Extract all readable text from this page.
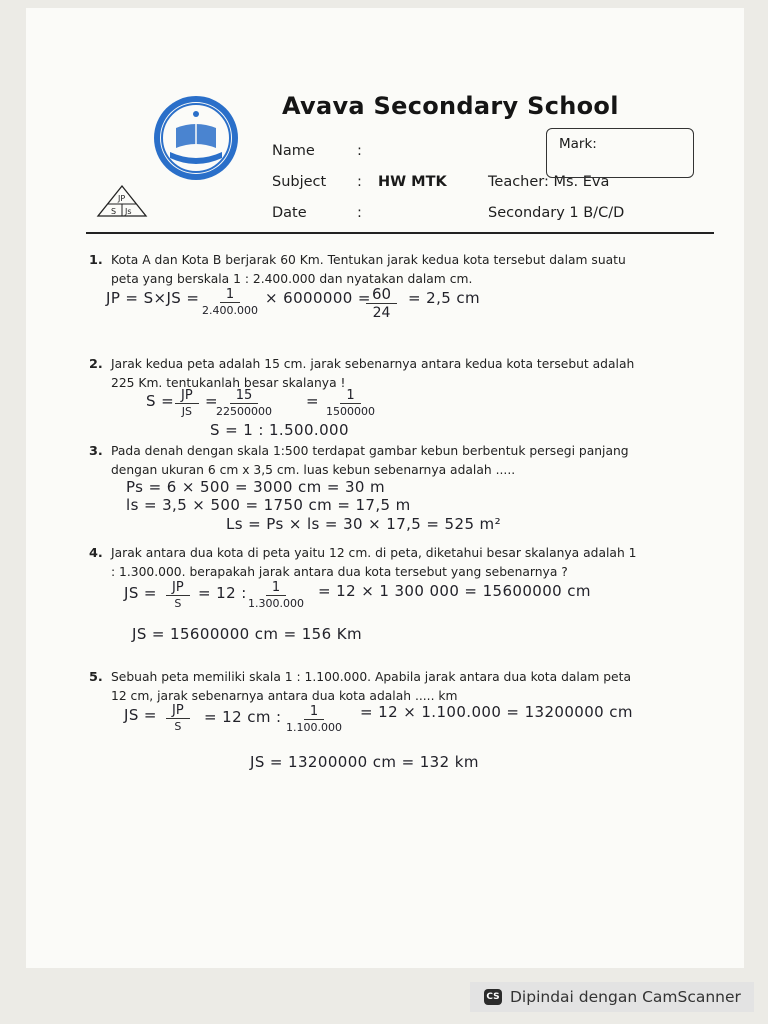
JP
S Js
Avava Secondary School
Name	:
Subject : HW MTK	Teacher: Ms. Eva
Date	:	Secondary 1 B/C/D
Mark:
1. Kota A dan Kota B berjarak 60 Km. Tentukan jarak kedua kota tersebut dalam suatu peta yang berskala 1 : 2.400.000 dan nyatakan dalam cm.
JP = S×JS =	1
2.400.000
× 6000000 =
$\frac{60}{24} = 2,5$ cm
2. Jarak kedua peta adalah 15 cm. jarak sebenarnya antara kedua kota tersebut adalah 225 Km. tentukanlah besar skalanya !
S = JP
JS
=	15
22500000
=	1
1500000
S = 1 : 1.500.000
3. Pada denah dengan skala 1:500 terdapat gambar kebun berbentuk persegi panjang dengan ukuran 6 cm x 3,5 cm. luas kebun sebenarnya adalah .....
Ps = 6 × 500 = 3000 cm = 30 m
ls = 3,5 × 500 = 1750 cm = 17,5 m
Ls = Ps × ls = 30 × 17,5 = 525 m²
4. Jarak antara dua kota di peta yaitu 12 cm. di peta, diketahui besar skalanya adalah 1 : 1.300.000. berapakah jarak antara dua kota tersebut yang sebenarnya ?
JS =	JP
S
= 12 :	1
1.300.000
= 12 × 1 300 000 = 15600000 cm
JS = 15600000 cm = 156 Km
5. Sebuah peta memiliki skala 1 : 1.100.000. Apabila jarak antara dua kota dalam peta 12 cm, jarak sebenarnya antara dua kota adalah ..... km
JS =	JP
S
= 12 cm :	1
1.100.000
= 12 × 1.100.000 = 13200000 cm
JS = 13200000 cm = 132 km
CS Dipindai dengan CamScanner
